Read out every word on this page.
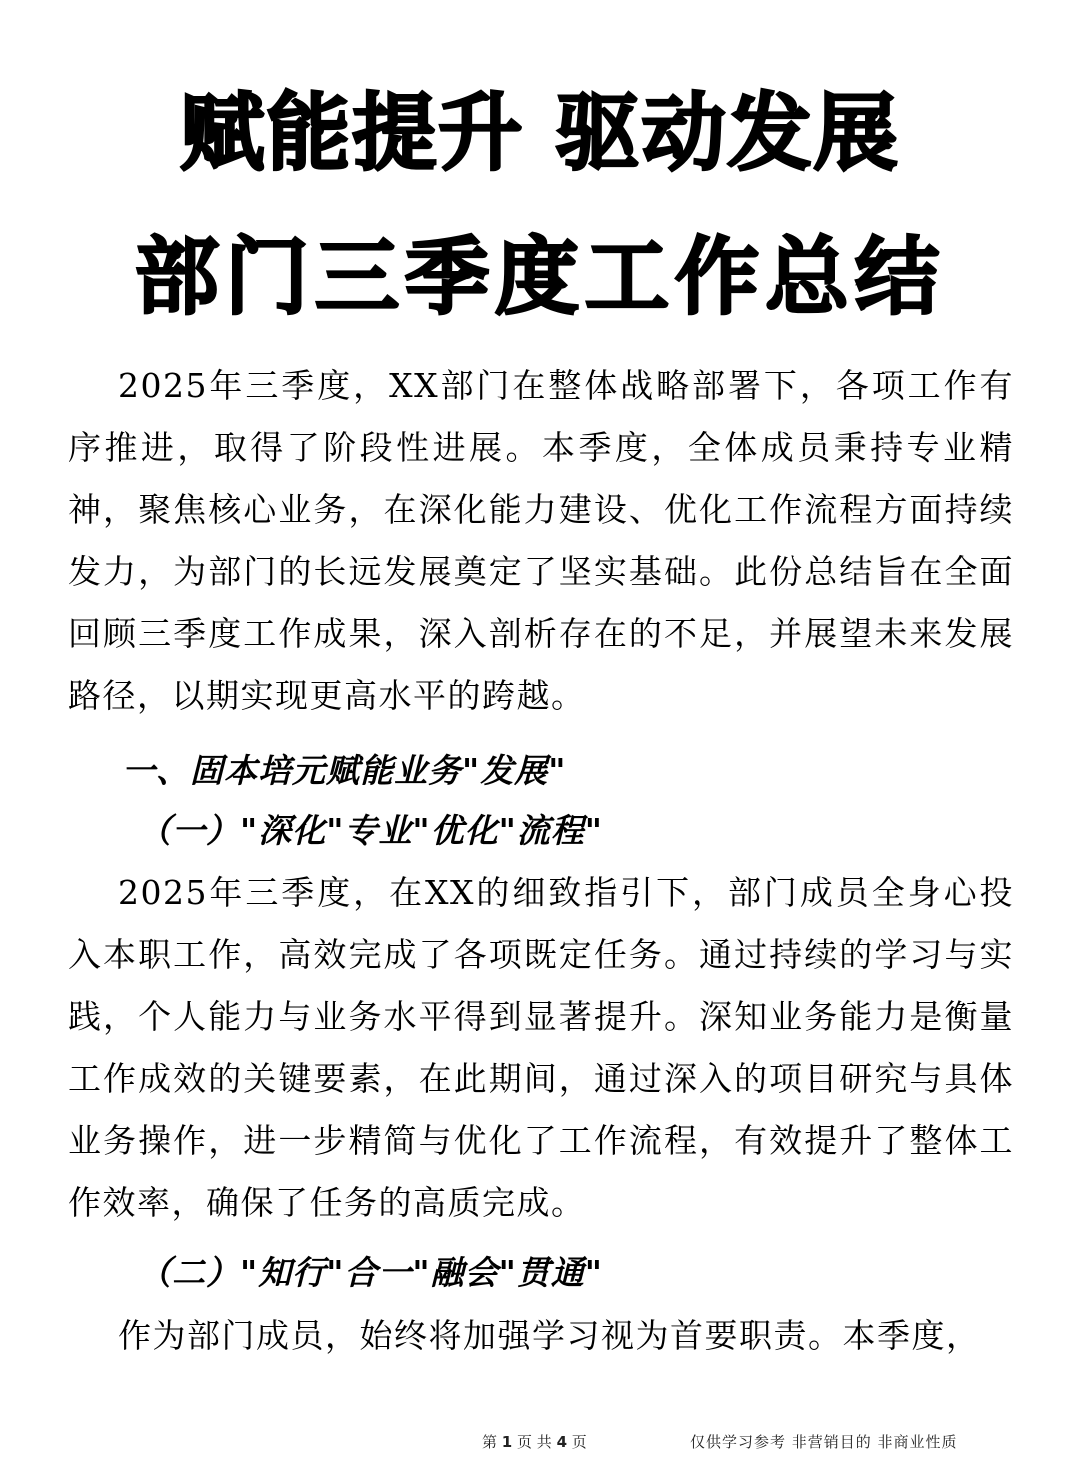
赋能提升 驱动发展
部门三季度工作总结
2025年三季度，XX部门在整体战略部署下，各项工作有序推进，取得了阶段性进展。本季度，全体成员秉持专业精神，聚焦核心业务，在深化能力建设、优化工作流程方面持续发力，为部门的长远发展奠定了坚实基础。此份总结旨在全面回顾三季度工作成果，深入剖析存在的不足，并展望未来发展路径，以期实现更高水平的跨越。
一、固本培元赋能业务"发展"
（一）"深化"专业"优化"流程"
2025年三季度，在XX的细致指引下，部门成员全身心投入本职工作，高效完成了各项既定任务。通过持续的学习与实践，个人能力与业务水平得到显著提升。深知业务能力是衡量工作成效的关键要素，在此期间，通过深入的项目研究与具体业务操作，进一步精简与优化了工作流程，有效提升了整体工作效率，确保了任务的高质完成。
（二）"知行"合一"融会"贯通"
作为部门成员，始终将加强学习视为首要职责。本季度，
第 1 页 共 4 页	仅供学习参考 非营销目的 非商业性质
